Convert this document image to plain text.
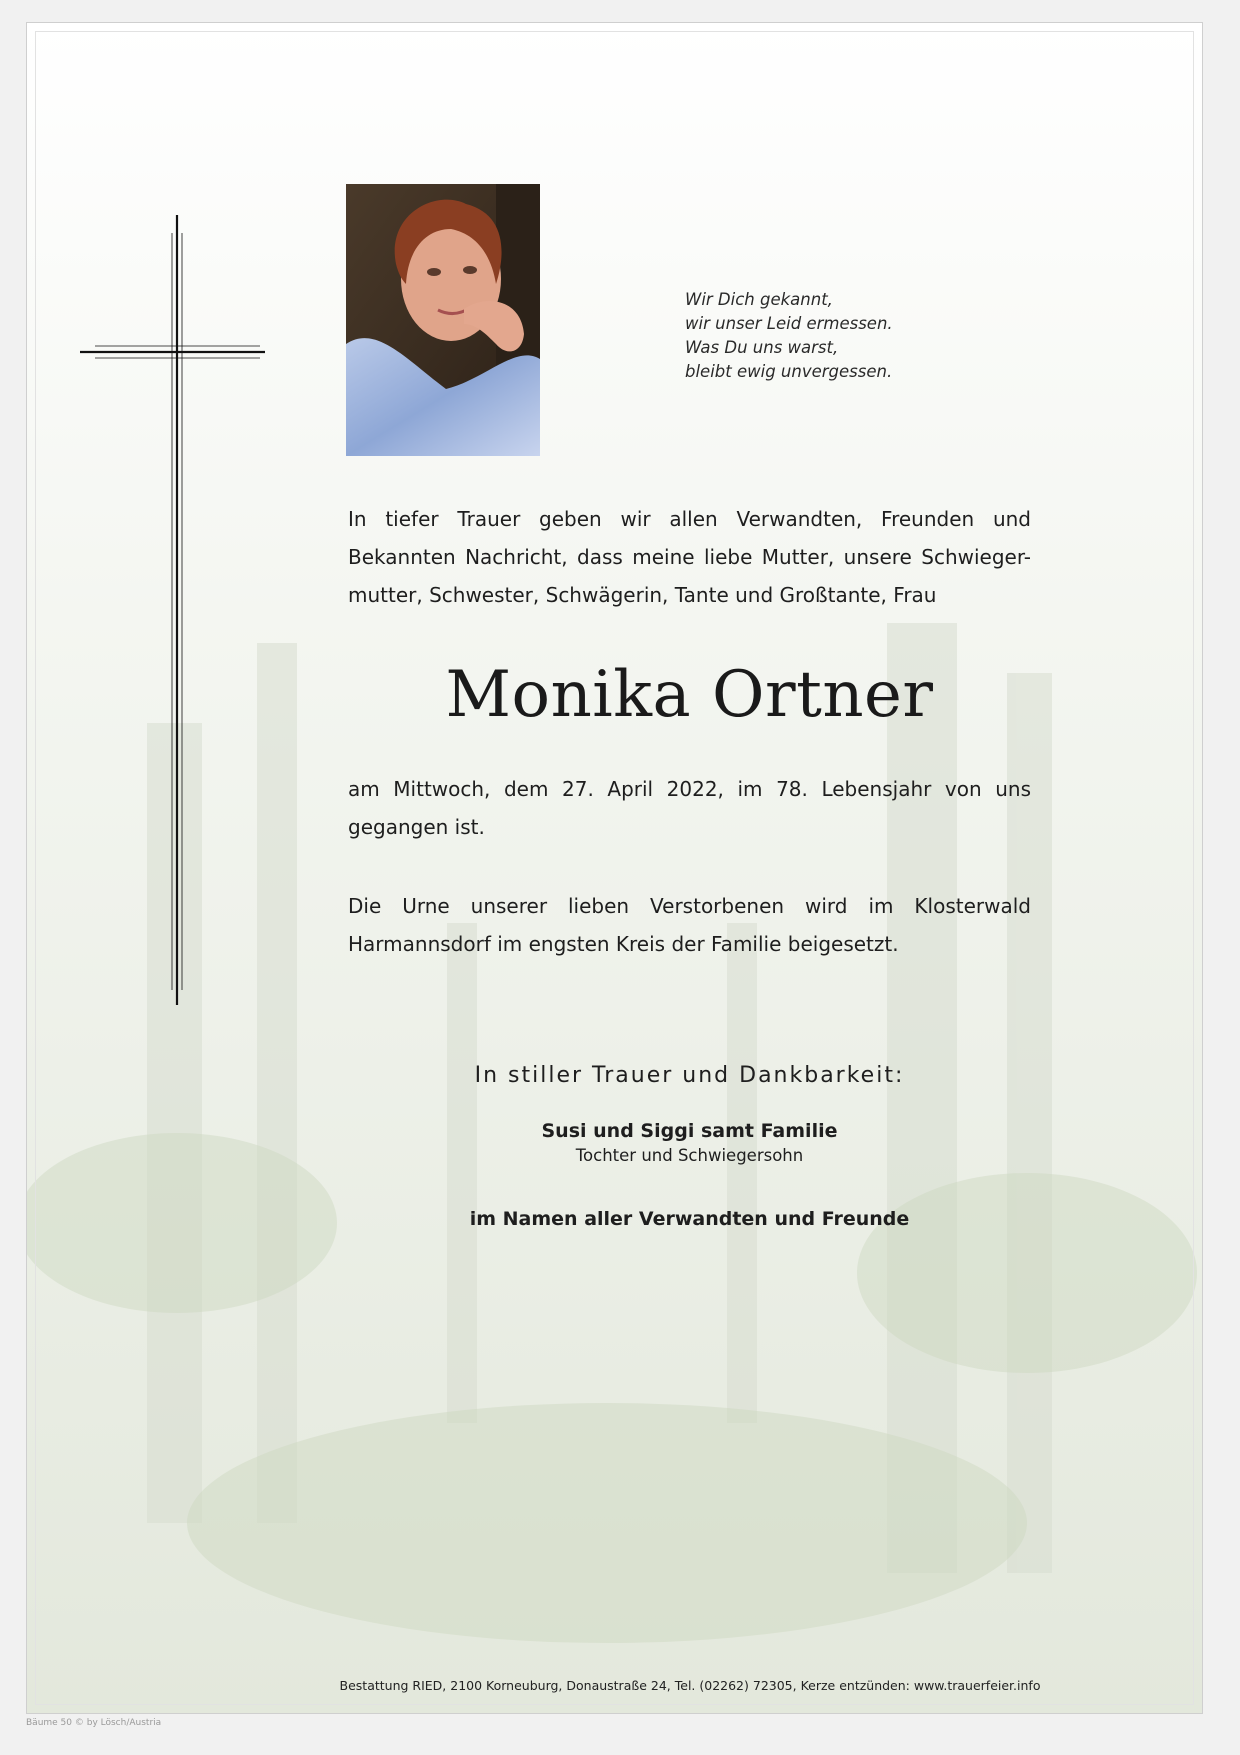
Wir Dich gekannt,
wir unser Leid ermessen.
Was Du uns warst,
bleibt ewig unvergessen.
In tiefer Trauer geben wir allen Verwandten, Freunden und Bekannten Nachricht, dass meine liebe Mutter, unsere Schwieger-mutter, Schwester, Schwägerin, Tante und Großtante, Frau
Monika Ortner
am Mittwoch, dem 27. April 2022, im 78. Lebensjahr von uns gegangen ist.
Die Urne unserer lieben Verstorbenen wird im Klosterwald Harmannsdorf im engsten Kreis der Familie beigesetzt.
In stiller Trauer und Dankbarkeit:
Susi und Siggi samt Familie
Tochter und Schwiegersohn
im Namen aller Verwandten und Freunde
Bestattung RIED, 2100 Korneuburg, Donaustraße 24, Tel. (02262) 72305, Kerze entzünden: www.trauerfeier.info
Bäume 50 © by Lösch/Austria
